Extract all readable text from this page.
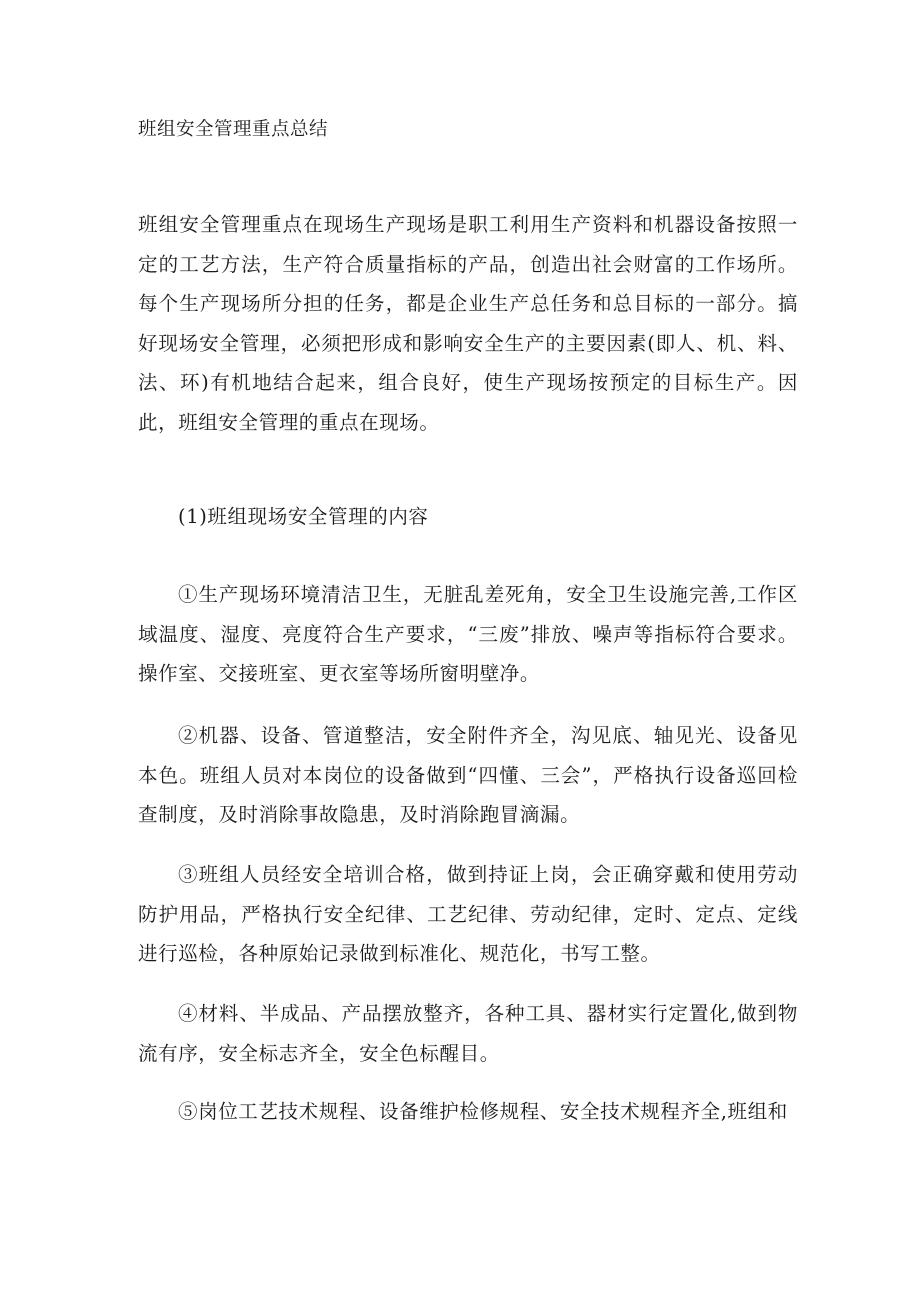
班组安全管理重点总结

班组安全管理重点在现场生产现场是职工利用生产资料和机器设备按照一定的工艺方法，生产符合质量指标的产品，创造出社会财富的工作场所。每个生产现场所分担的任务，都是企业生产总任务和总目标的一部分。搞好现场安全管理，必须把形成和影响安全生产的主要因素(即人、机、料、法、环)有机地结合起来，组合良好，使生产现场按预定的目标生产。因此，班组安全管理的重点在现场。

(1)班组现场安全管理的内容

①生产现场环境清洁卫生，无脏乱差死角，安全卫生设施完善,工作区域温度、湿度、亮度符合生产要求，“三废”排放、噪声等指标符合要求。操作室、交接班室、更衣室等场所窗明壁净。

②机器、设备、管道整洁，安全附件齐全，沟见底、轴见光、设备见本色。班组人员对本岗位的设备做到“四懂、三会”，严格执行设备巡回检查制度，及时消除事故隐患，及时消除跑冒滴漏。

③班组人员经安全培训合格，做到持证上岗，会正确穿戴和使用劳动防护用品，严格执行安全纪律、工艺纪律、劳动纪律，定时、定点、定线进行巡检，各种原始记录做到标准化、规范化，书写工整。

④材料、半成品、产品摆放整齐，各种工具、器材实行定置化,做到物流有序，安全标志齐全，安全色标醒目。

⑤岗位工艺技术规程、设备维护检修规程、安全技术规程齐全,班组和
